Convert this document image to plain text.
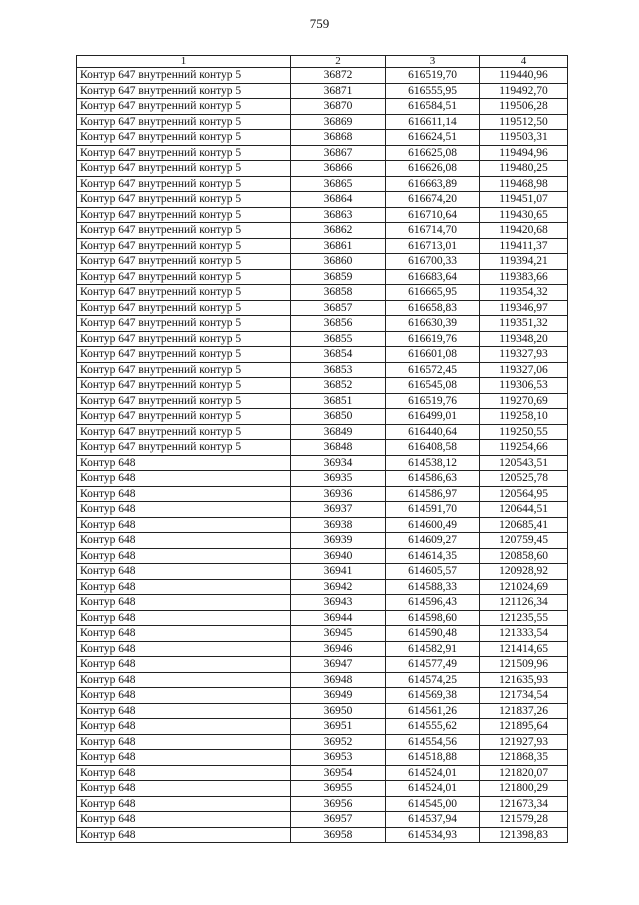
759
1	2	3	4
Контур 647 внутренний контур 5	36872	616519,70	119440,96
Контур 647 внутренний контур 5	36871	616555,95	119492,70
Контур 647 внутренний контур 5	36870	616584,51	119506,28
Контур 647 внутренний контур 5	36869	616611,14	119512,50
Контур 647 внутренний контур 5	36868	616624,51	119503,31
Контур 647 внутренний контур 5	36867	616625,08	119494,96
Контур 647 внутренний контур 5	36866	616626,08	119480,25
Контур 647 внутренний контур 5	36865	616663,89	119468,98
Контур 647 внутренний контур 5	36864	616674,20	119451,07
Контур 647 внутренний контур 5	36863	616710,64	119430,65
Контур 647 внутренний контур 5	36862	616714,70	119420,68
Контур 647 внутренний контур 5	36861	616713,01	119411,37
Контур 647 внутренний контур 5	36860	616700,33	119394,21
Контур 647 внутренний контур 5	36859	616683,64	119383,66
Контур 647 внутренний контур 5	36858	616665,95	119354,32
Контур 647 внутренний контур 5	36857	616658,83	119346,97
Контур 647 внутренний контур 5	36856	616630,39	119351,32
Контур 647 внутренний контур 5	36855	616619,76	119348,20
Контур 647 внутренний контур 5	36854	616601,08	119327,93
Контур 647 внутренний контур 5	36853	616572,45	119327,06
Контур 647 внутренний контур 5	36852	616545,08	119306,53
Контур 647 внутренний контур 5	36851	616519,76	119270,69
Контур 647 внутренний контур 5	36850	616499,01	119258,10
Контур 647 внутренний контур 5	36849	616440,64	119250,55
Контур 647 внутренний контур 5	36848	616408,58	119254,66
Контур 648	36934	614538,12	120543,51
Контур 648	36935	614586,63	120525,78
Контур 648	36936	614586,97	120564,95
Контур 648	36937	614591,70	120644,51
Контур 648	36938	614600,49	120685,41
Контур 648	36939	614609,27	120759,45
Контур 648	36940	614614,35	120858,60
Контур 648	36941	614605,57	120928,92
Контур 648	36942	614588,33	121024,69
Контур 648	36943	614596,43	121126,34
Контур 648	36944	614598,60	121235,55
Контур 648	36945	614590,48	121333,54
Контур 648	36946	614582,91	121414,65
Контур 648	36947	614577,49	121509,96
Контур 648	36948	614574,25	121635,93
Контур 648	36949	614569,38	121734,54
Контур 648	36950	614561,26	121837,26
Контур 648	36951	614555,62	121895,64
Контур 648	36952	614554,56	121927,93
Контур 648	36953	614518,88	121868,35
Контур 648	36954	614524,01	121820,07
Контур 648	36955	614524,01	121800,29
Контур 648	36956	614545,00	121673,34
Контур 648	36957	614537,94	121579,28
Контур 648	36958	614534,93	121398,83
